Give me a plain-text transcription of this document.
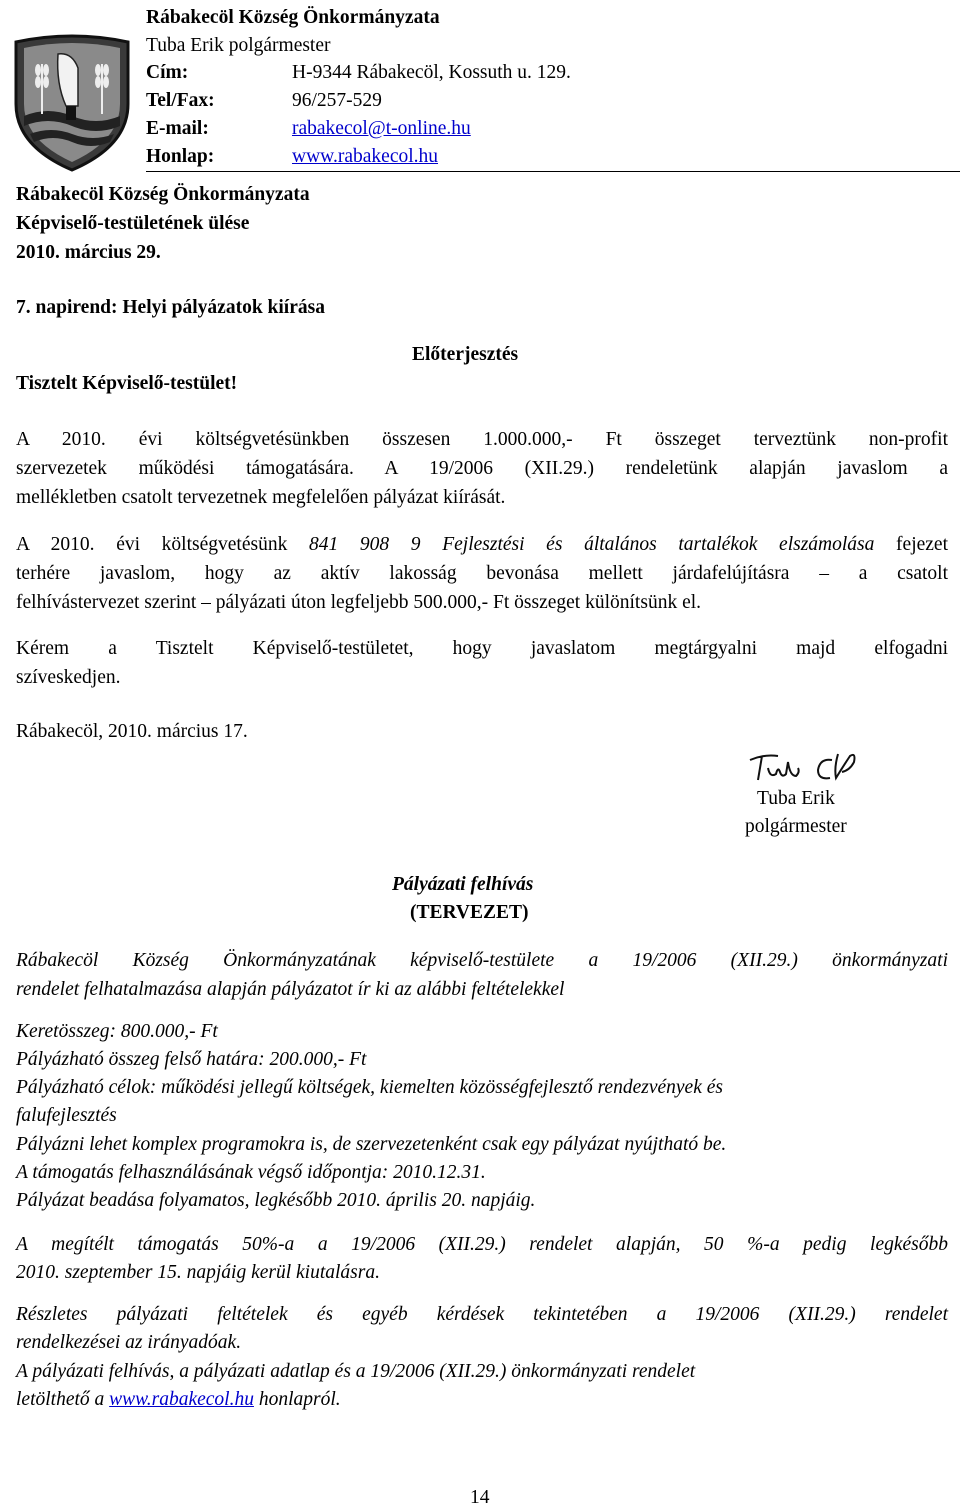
Rábakecöl Község Önkormányzata
Tuba Erik polgármester
Cím:	H-9344 Rábakecöl, Kossuth u. 129.
Tel/Fax:	96/257-529
E-mail:	rabakecol@t-online.hu
Honlap:	www.rabakecol.hu
Rábakecöl Község Önkormányzata
Képviselő-testületének ülése
2010. március 29.
7. napirend: Helyi pályázatok kiírása
Előterjesztés
Tisztelt Képviselő-testület!
A 2010. évi költségvetésünkben összesen 1.000.000,- Ft összeget terveztünk non-profit
szervezetek működési támogatására. A 19/2006 (XII.29.) rendeletünk alapján javaslom a
mellékletben csatolt tervezetnek megfelelően pályázat kiírását.
A 2010. évi költségvetésünk 841 908 9 Fejlesztési és általános tartalékok elszámolása fejezet
terhére javaslom, hogy az aktív lakosság bevonása mellett járdafelújításra – a csatolt
felhívástervezet szerint – pályázati úton legfeljebb 500.000,- Ft összeget különítsünk el.
Kérem a Tisztelt Képviselő-testületet, hogy javaslatom megtárgyalni majd elfogadni
szíveskedjen.
Rábakecöl, 2010. március 17.
Tuba Erik
polgármester
Pályázati felhívás
(TERVEZET)
Rábakecöl Község Önkormányzatának képviselő-testülete a 19/2006 (XII.29.) önkormányzati
rendelet felhatalmazása alapján pályázatot ír ki az alábbi feltételekkel
Keretösszeg: 800.000,- Ft
Pályázható összeg felső határa: 200.000,- Ft
Pályázható célok: működési jellegű költségek, kiemelten közösségfejlesztő rendezvények és
falufejlesztés
Pályázni lehet komplex programokra is, de szervezetenként csak egy pályázat nyújtható be.
A támogatás felhasználásának végső időpontja: 2010.12.31.
Pályázat beadása folyamatos, legkésőbb 2010. április 20. napjáig.
A megítélt támogatás 50%-a a 19/2006 (XII.29.) rendelet alapján, 50 %-a pedig legkésőbb
2010. szeptember 15. napjáig kerül kiutalásra.
Részletes pályázati feltételek és egyéb kérdések tekintetében a 19/2006 (XII.29.) rendelet
rendelkezései az irányadóak.
A pályázati felhívás, a pályázati adatlap és a 19/2006 (XII.29.) önkormányzati rendelet
letölthető a www.rabakecol.hu honlapról.
14
